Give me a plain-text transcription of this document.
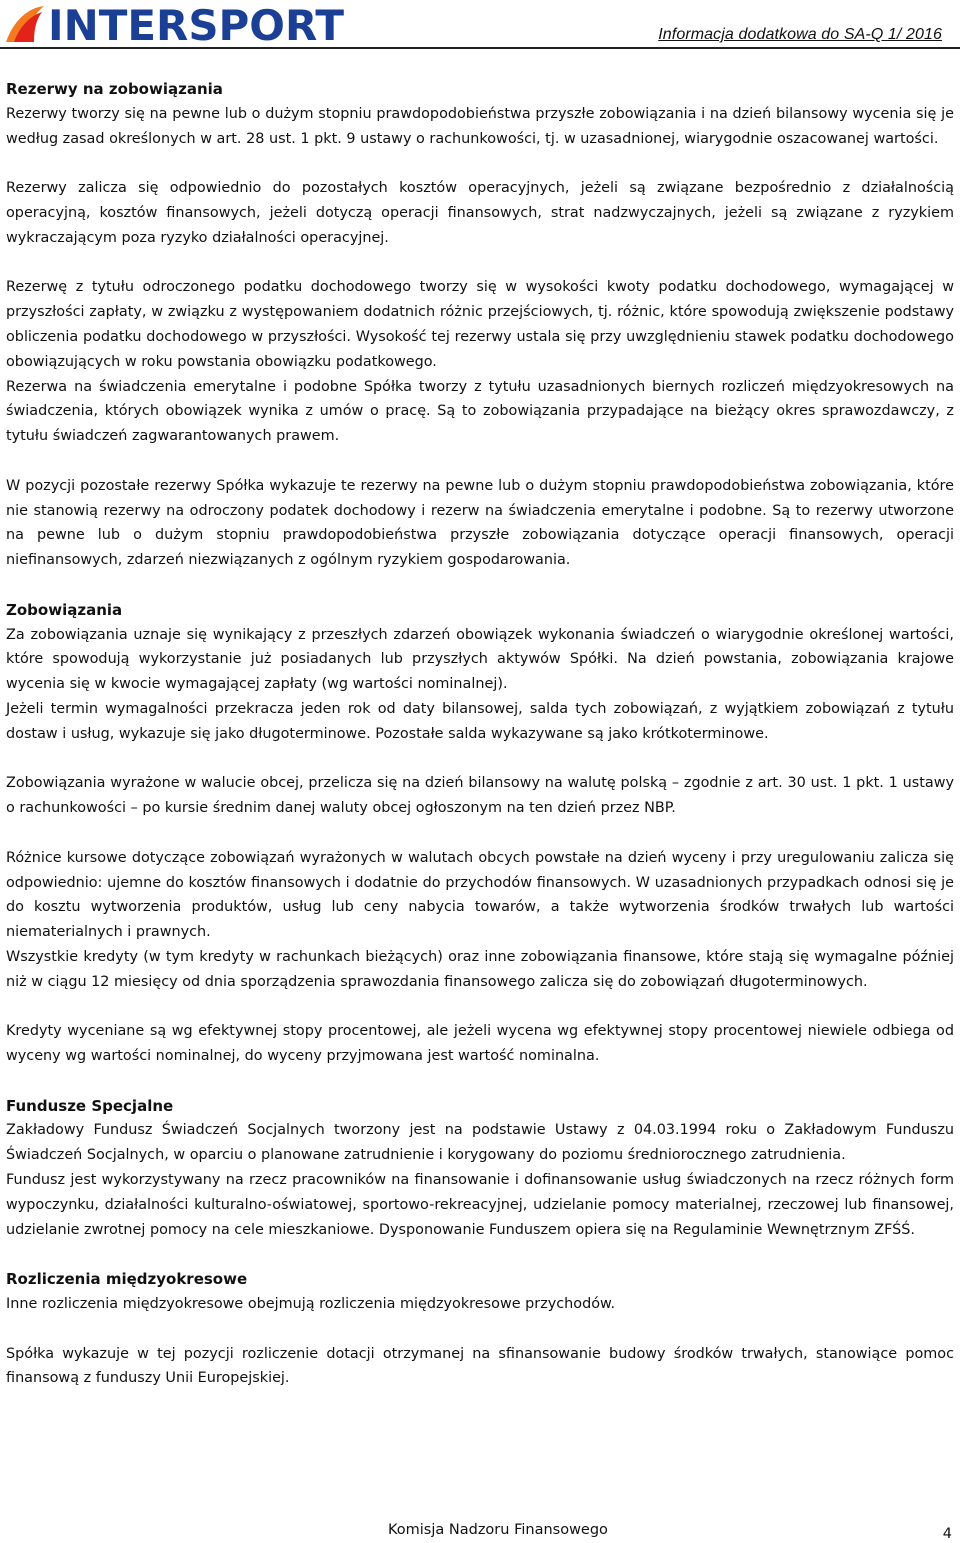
INTERSPORT	Informacja dodatkowa do SA-Q 1/ 2016
Rezerwy na zobowiązania

Rezerwy tworzy się na pewne lub o dużym stopniu prawdopodobieństwa przyszłe zobowiązania i na dzień bilansowy wycenia się je według zasad określonych w art. 28 ust. 1 pkt. 9 ustawy o rachunkowości, tj. w uzasadnionej, wiarygodnie oszacowanej wartości.

Rezerwy zalicza się odpowiednio do pozostałych kosztów operacyjnych, jeżeli są związane bezpośrednio z działalnością operacyjną, kosztów finansowych, jeżeli dotyczą operacji finansowych, strat nadzwyczajnych, jeżeli są związane z ryzykiem wykraczającym poza ryzyko działalności operacyjnej.

Rezerwę z tytułu odroczonego podatku dochodowego tworzy się w wysokości kwoty podatku dochodowego, wymagającej w przyszłości zapłaty, w związku z występowaniem dodatnich różnic przejściowych, tj. różnic, które spowodują zwiększenie podstawy obliczenia podatku dochodowego w przyszłości. Wysokość tej rezerwy ustala się przy uwzględnieniu stawek podatku dochodowego obowiązujących w roku powstania obowiązku podatkowego.

Rezerwa na świadczenia emerytalne i podobne Spółka tworzy z tytułu uzasadnionych biernych rozliczeń międzyokresowych na świadczenia, których obowiązek wynika z umów o pracę. Są to zobowiązania przypadające na bieżący okres sprawozdawczy, z tytułu świadczeń zagwarantowanych prawem.

W pozycji pozostałe rezerwy Spółka wykazuje te rezerwy na pewne lub o dużym stopniu prawdopodobieństwa zobowiązania, które nie stanowią rezerwy na odroczony podatek dochodowy i rezerw na świadczenia emerytalne i podobne. Są to rezerwy utworzone na pewne lub o dużym stopniu prawdopodobieństwa przyszłe zobowiązania dotyczące operacji finansowych, operacji niefinansowych, zdarzeń niezwiązanych z ogólnym ryzykiem gospodarowania.

Zobowiązania

Za zobowiązania uznaje się wynikający z przeszłych zdarzeń obowiązek wykonania świadczeń o wiarygodnie określonej wartości, które spowodują wykorzystanie już posiadanych lub przyszłych aktywów Spółki. Na dzień powstania, zobowiązania krajowe wycenia się w kwocie wymagającej zapłaty (wg wartości nominalnej).

Jeżeli termin wymagalności przekracza jeden rok od daty bilansowej, salda tych zobowiązań, z wyjątkiem zobowiązań z tytułu dostaw i usług, wykazuje się jako długoterminowe. Pozostałe salda wykazywane są jako krótkoterminowe.

Zobowiązania wyrażone w walucie obcej, przelicza się na dzień bilansowy na walutę polską – zgodnie z art. 30 ust. 1 pkt. 1 ustawy o rachunkowości – po kursie średnim danej waluty obcej ogłoszonym na ten dzień przez NBP.

Różnice kursowe dotyczące zobowiązań wyrażonych w walutach obcych powstałe na dzień wyceny i przy uregulowaniu zalicza się odpowiednio: ujemne do kosztów finansowych i dodatnie do przychodów finansowych. W uzasadnionych przypadkach odnosi się je do kosztu wytworzenia produktów, usług lub ceny nabycia towarów, a także wytworzenia środków trwałych lub wartości niematerialnych i prawnych.

Wszystkie kredyty (w tym kredyty w rachunkach bieżących) oraz inne zobowiązania finansowe, które stają się wymagalne później niż w ciągu 12 miesięcy od dnia sporządzenia sprawozdania finansowego zalicza się do zobowiązań długoterminowych.

Kredyty wyceniane są wg efektywnej stopy procentowej, ale jeżeli wycena wg efektywnej stopy procentowej niewiele odbiega od wyceny wg wartości nominalnej, do wyceny przyjmowana jest wartość nominalna.

Fundusze Specjalne

Zakładowy Fundusz Świadczeń Socjalnych tworzony jest na podstawie Ustawy z 04.03.1994 roku o Zakładowym Funduszu Świadczeń Socjalnych, w oparciu o planowane zatrudnienie i korygowany do poziomu średniorocznego zatrudnienia.

Fundusz jest wykorzystywany na rzecz pracowników na finansowanie i dofinansowanie usług świadczonych na rzecz różnych form wypoczynku, działalności kulturalno-oświatowej, sportowo-rekreacyjnej, udzielanie pomocy materialnej, rzeczowej lub finansowej, udzielanie zwrotnej pomocy na cele mieszkaniowe. Dysponowanie Funduszem opiera się na Regulaminie Wewnętrznym ZFŚŚ.

Rozliczenia międzyokresowe

Inne rozliczenia międzyokresowe obejmują rozliczenia międzyokresowe przychodów.

Spółka wykazuje w tej pozycji rozliczenie dotacji otrzymanej na sfinansowanie budowy środków trwałych, stanowiące pomoc finansową z funduszy Unii Europejskiej.

Komisja Nadzoru Finansowego	4
